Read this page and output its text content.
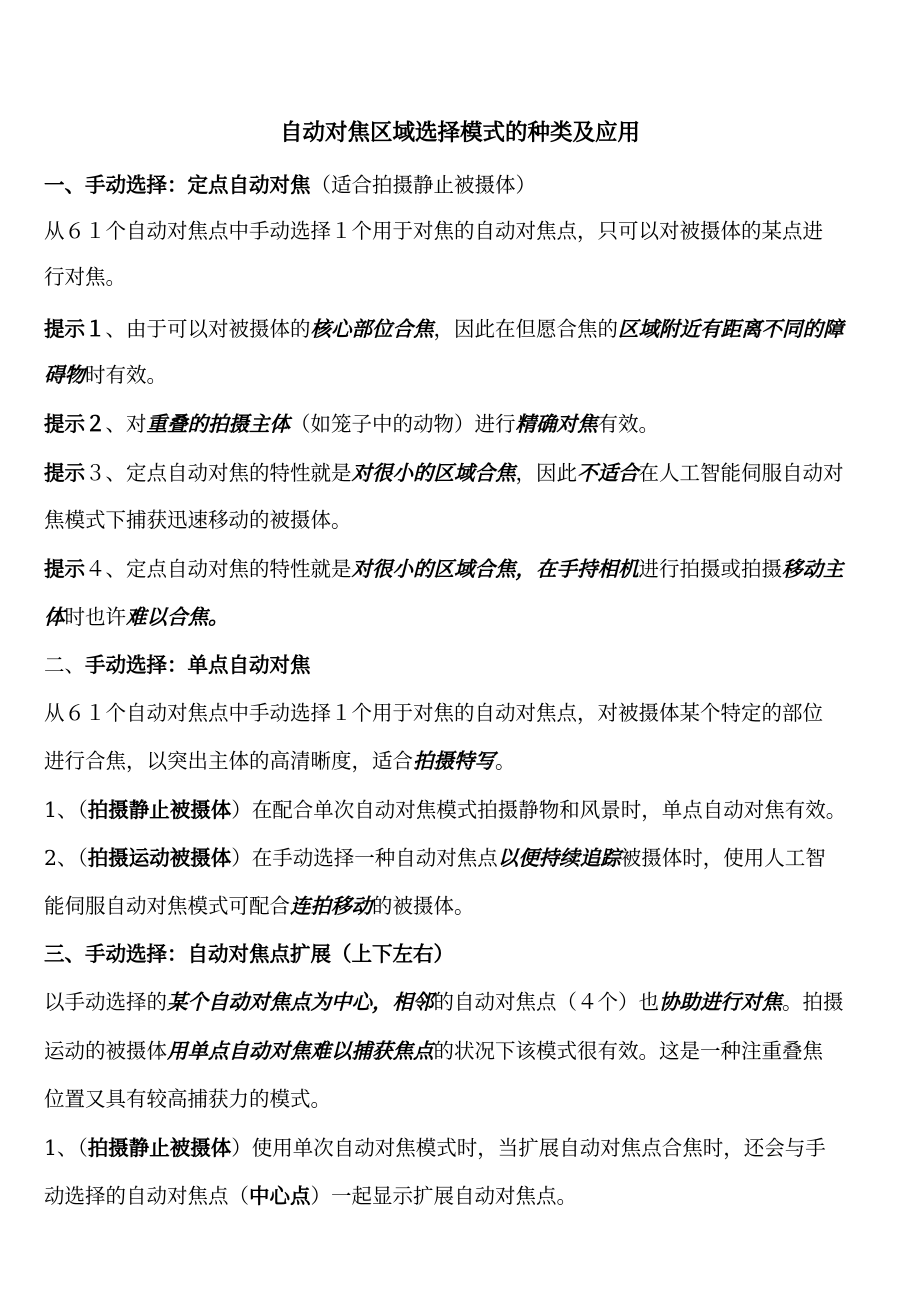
自动对焦区域选择模式的种类及应用
一、手动选择：定点自动对焦（适合拍摄静止被摄体）
从６１个自动对焦点中手动选择１个用于对焦的自动对焦点，只可以对被摄体的某点进
行对焦。
提示１、由于可以对被摄体的核心部位合焦，因此在但愿合焦的区域附近有距离不同的障
碍物时有效。
提示２、对重叠的拍摄主体（如笼子中的动物）进行精确对焦有效。
提示３、定点自动对焦的特性就是对很小的区域合焦，因此不适合在人工智能伺服自动对
焦模式下捕获迅速移动的被摄体。
提示４、定点自动对焦的特性就是对很小的区域合焦，在手持相机进行拍摄或拍摄移动主
体时也许难以合焦。
二、手动选择：单点自动对焦
从６１个自动对焦点中手动选择１个用于对焦的自动对焦点，对被摄体某个特定的部位
进行合焦，以突出主体的高清晰度，适合拍摄特写。
1、（拍摄静止被摄体）在配合单次自动对焦模式拍摄静物和风景时，单点自动对焦有效。
2、（拍摄运动被摄体）在手动选择一种自动对焦点以便持续追踪被摄体时，使用人工智
能伺服自动对焦模式可配合连拍移动的被摄体。
三、手动选择：自动对焦点扩展（上下左右）
以手动选择的某个自动对焦点为中心，相邻的自动对焦点（４个）也协助进行对焦。拍摄
运动的被摄体用单点自动对焦难以捕获焦点的状况下该模式很有效。这是一种注重叠焦
位置又具有较高捕获力的模式。
1、（拍摄静止被摄体）使用单次自动对焦模式时，当扩展自动对焦点合焦时，还会与手
动选择的自动对焦点（中心点）一起显示扩展自动对焦点。
